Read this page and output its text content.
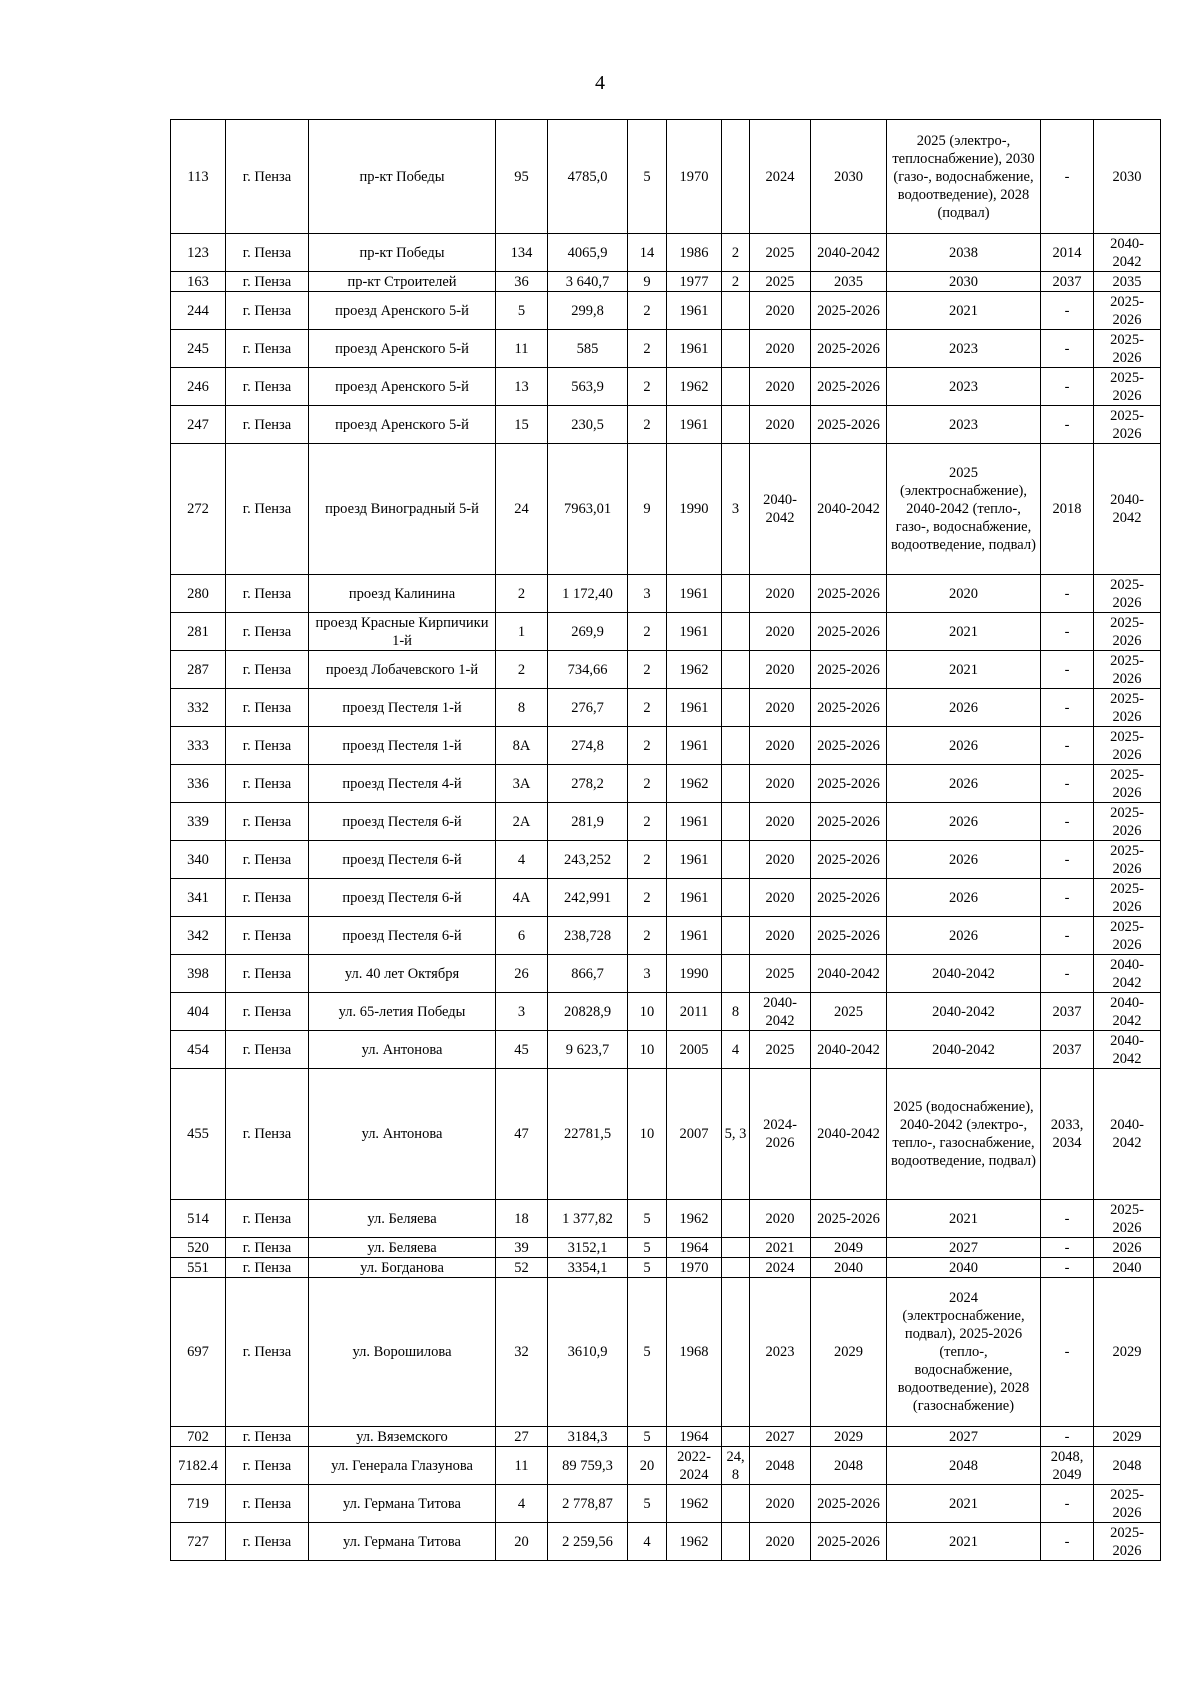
4
113	г. Пенза	пр-кт Победы	95	4785,0	5	1970		2024	2030	2025 (электро-, теплоснабжение), 2030 (газо-, водоснабжение, водоотведение), 2028 (подвал)	-	2030
123	г. Пенза	пр-кт Победы	134	4065,9	14	1986	2	2025	2040-2042	2038	2014	2040-2042
163	г. Пенза	пр-кт Строителей	36	3 640,7	9	1977	2	2025	2035	2030	2037	2035
244	г. Пенза	проезд Аренского 5-й	5	299,8	2	1961		2020	2025-2026	2021	-	2025-2026
245	г. Пенза	проезд Аренского 5-й	11	585	2	1961		2020	2025-2026	2023	-	2025-2026
246	г. Пенза	проезд Аренского 5-й	13	563,9	2	1962		2020	2025-2026	2023	-	2025-2026
247	г. Пенза	проезд Аренского 5-й	15	230,5	2	1961		2020	2025-2026	2023	-	2025-2026
272	г. Пенза	проезд Виноградный 5-й	24	7963,01	9	1990	3	2040-2042	2040-2042	2025 (электроснабжение), 2040-2042 (тепло-, газо-, водоснабжение, водоотведение, подвал)	2018	2040-2042
280	г. Пенза	проезд Калинина	2	1 172,40	3	1961		2020	2025-2026	2020	-	2025-2026
281	г. Пенза	проезд Красные Кирпичики 1-й	1	269,9	2	1961		2020	2025-2026	2021	-	2025-2026
287	г. Пенза	проезд Лобачевского 1-й	2	734,66	2	1962		2020	2025-2026	2021	-	2025-2026
332	г. Пенза	проезд Пестеля 1-й	8	276,7	2	1961		2020	2025-2026	2026	-	2025-2026
333	г. Пенза	проезд Пестеля 1-й	8А	274,8	2	1961		2020	2025-2026	2026	-	2025-2026
336	г. Пенза	проезд Пестеля 4-й	3А	278,2	2	1962		2020	2025-2026	2026	-	2025-2026
339	г. Пенза	проезд Пестеля 6-й	2А	281,9	2	1961		2020	2025-2026	2026	-	2025-2026
340	г. Пенза	проезд Пестеля 6-й	4	243,252	2	1961		2020	2025-2026	2026	-	2025-2026
341	г. Пенза	проезд Пестеля 6-й	4А	242,991	2	1961		2020	2025-2026	2026	-	2025-2026
342	г. Пенза	проезд Пестеля 6-й	6	238,728	2	1961		2020	2025-2026	2026	-	2025-2026
398	г. Пенза	ул. 40 лет Октября	26	866,7	3	1990		2025	2040-2042	2040-2042	-	2040-2042
404	г. Пенза	ул. 65-летия Победы	3	20828,9	10	2011	8	2040-2042	2025	2040-2042	2037	2040-2042
454	г. Пенза	ул. Антонова	45	9 623,7	10	2005	4	2025	2040-2042	2040-2042	2037	2040-2042
455	г. Пенза	ул. Антонова	47	22781,5	10	2007	5, 3	2024-2026	2040-2042	2025 (водоснабжение), 2040-2042 (электро-, тепло-, газоснабжение, водоотведение, подвал)	2033, 2034	2040-2042
514	г. Пенза	ул. Беляева	18	1 377,82	5	1962		2020	2025-2026	2021	-	2025-2026
520	г. Пенза	ул. Беляева	39	3152,1	5	1964		2021	2049	2027	-	2026
551	г. Пенза	ул. Богданова	52	3354,1	5	1970		2024	2040	2040	-	2040
697	г. Пенза	ул. Ворошилова	32	3610,9	5	1968		2023	2029	2024 (электроснабжение, подвал), 2025-2026 (тепло-, водоснабжение, водоотведение), 2028 (газоснабжение)	-	2029
702	г. Пенза	ул. Вяземского	27	3184,3	5	1964		2027	2029	2027	-	2029
7182.4	г. Пенза	ул. Генерала Глазунова	11	89 759,3	20	2022-2024	24, 8	2048	2048	2048	2048, 2049	2048
719	г. Пенза	ул. Германа Титова	4	2 778,87	5	1962		2020	2025-2026	2021	-	2025-2026
727	г. Пенза	ул. Германа Титова	20	2 259,56	4	1962		2020	2025-2026	2021	-	2025-2026
